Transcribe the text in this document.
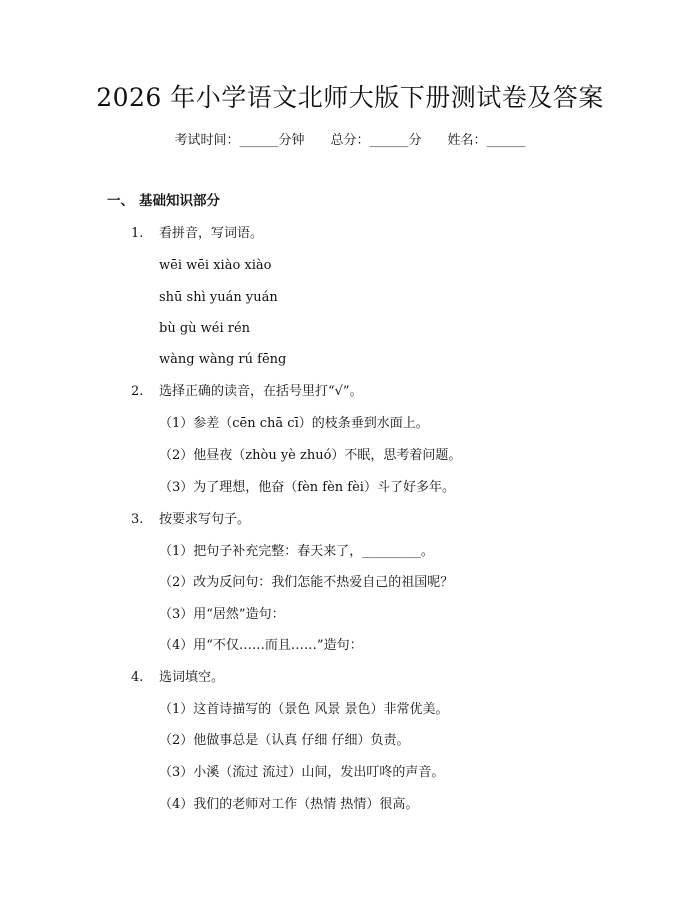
2026 年小学语文北师大版下册测试卷及答案
考试时间：______分钟 总分：______分 姓名：______
一、 基础知识部分
1. 看拼音，写词语。
wēi wēi xiào xiào
shū shì yuán yuán
bù gù wéi rén
wàng wàng rú fēng
2. 选择正确的读音，在括号里打“√”。
（1）参差（cēn chā cī）的枝条垂到水面上。
（2）他昼夜（zhòu yè zhuó）不眠，思考着问题。
（3）为了理想，他奋（fèn fèn fèi）斗了好多年。
3. 按要求写句子。
（1）把句子补充完整：春天来了，_________。
（2）改为反问句：我们怎能不热爱自己的祖国呢？
（3）用“居然”造句：
（4）用“不仅……而且……”造句：
4. 选词填空。
（1）这首诗描写的（景色 风景 景色）非常优美。
（2）他做事总是（认真 仔细 仔细）负责。
（3）小溪（流过 流过）山间，发出叮咚的声音。
（4）我们的老师对工作（热情 热情）很高。
